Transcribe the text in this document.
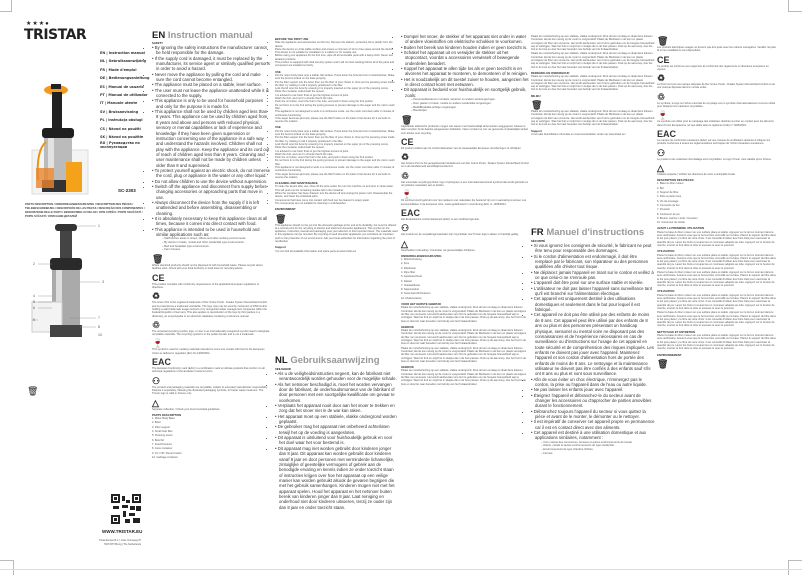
★★★●
TRISTAR
EN | Instruction manual
NL | Gebruiksaanwijzing
FR | Mode d'emploi
DE | Bedienungsanleitung
ES | Manual de usuario
PT | Manual de utilizador
IT | Manuale utente
SV | Bruksanvisning
PL | Instrukcja obsługi
CS | Návod na použití
SK | Návod na použitie
RU | Руководство по эксплуатации
SC-2303
PARTS DESCRIPTION / ONDERDELENBESCHRIJVING / DESCRIPTION DES PIÈCES / TEILEBESCHREIBUNG / DESCRIPCIÓN DE LAS PIEZAS / DESCRIÇÃO DOS COMPONENTES / DESCRIZIONE DELLE PARTI / BESKRIVNING AV DELAR / OPIS CZĘŚCI / POPIS SOUČÁSTÍ / POPIS SÚČASTÍ / ОПИСАНИЕ ДЕТАЛЕЙ
1
2
3
4
5
6
7
8
9
10
🗑
WWW.TRISTAR.EU
Tristar Europe B.V. | Jules Verneweg 87
5015 BH Tilburg | The Netherlands
EN Instruction manual
SAFETY
• • By ignoring the safety instructions the manufacturer cannot be held responsible for the damage.
• • If the supply cord is damaged, it must be replaced by the manufacturer, its service agent or similarly qualified persons in order to avoid a hazard.
• • Never move the appliance by pulling the cord and make sure the cord cannot become entangled.
• • The appliance must be placed on a stable, level surface.
• • The user must not leave the appliance unattended while it is connected to the supply.
• • This appliance is only to be used for household purposes and only for the purpose it is made for.
• • This appliance shall not be used by children aged less than 8 years. This appliance can be used by children aged from 8 years and above and persons with reduced physical, sensory or mental capabilities or lack of experience and knowledge if they have been given supervision or instruction concerning use of the appliance in a safe way and understand the hazards involved. Children shall not play with the appliance. Keep the appliance and its cord out of reach of children aged less than 8 years. Cleaning and user maintenance shall not be made by children unless older than 8 and supervised.
• • To protect yourself against an electric shock, do not immerse the cord, plug or appliance in the water or any other liquid.
• • Do not allow children to use the device without supervision.
• • Switch off the appliance and disconnect from supply before changing accessories or approaching parts that move in use.
• • Always disconnect the device from the supply if it is left unattended and before assembling, disassembling or cleaning.
• • It is absolutely necessary to keep this appliance clean at all times, because it comes into direct contact with food.
• • This appliance is intended to be used in household and similar applications such as:
– Staff kitchen areas in shops, offices and other working environments.
– By clients in hotels, motels and other residential type environments.
– Bed and breakfast type environments.
– Farm houses.
🗑

Waste electrical products should not be disposed of with household waste. Please recycle where facilities exist. Check with your local Authority or local store for recycling advice.

CE

This product complies with conformity requirements of the applicable European regulations or directives.

♻

The Green Dot is the registered trademark of Der Grüne Punkt - Duales System Deutschland GmbH and is protected as a trademark worldwide. The logo may only be used by customers of DSD GmbH holding a valid trademark usage contract or by recognized waste management companies within the Federal Republic of Germany. This also applies to reproduction of the logo by third parties in a dictionary, an encyclopedia or an electronic database containing a reference manual.

♲

The universal recycling symbol, logo, or icon is an internationally recognized symbol used to designate recyclable materials. The recycling symbol is in the public domain and is not a trademark.

🍷

This symbol is used for marking materials intended to come into contact with food in the European Union as defined in regulation (EC) No 1935/2004.

EAC

The Eurasian Conformity mark (EAC) is a certification mark to indicate products that conform to all technical regulations of the Eurasian Customs Union.

⚇

The product and packaging materials are recyclable, subject to extended manufacturer responsibility. Dispose it separately, following the illustrated packaging symbols, for better waste treatment. The Triman logo is valid in France only.

△

Separate collection / Check your local municipal guidelines.

PARTS DESCRIPTION

1. Motor Body Base

2. Bowl

3. Filter support

4. Small hole filter

5. Pressing screw

6. Bowl lid

7. Food Pressure

8. Juice container

9. On / Off / Revert button

10. Garbage container

BEFORE THE FIRST USE
• Take the appliance and accessories out the box. Remove the stickers, protective foil or plastic from the device.
• Place the device on a flat stable surface and ensure a minimum of 10 cm free space around the device. This device is not suitable for installation in a cabinet or for outside use.
• Before using your appliance for the first time, wipe off all removable parts with a damp cloth. Never use abrasive products.
• This product is equipped with dual security system and it will not start working before all of the parts and component are installed correctly.
USE
• Put the motor body base onto a stable, flat surface. Press down the bowl and turn it anticlockwise. Make sure the bowl is locked on the base properly.
• Put the filter support into the bowl, then put the filter of your choice in. Now put the pressing screw inside the filter, by rotating it until it properly positioned in the filter.
• Lock the lid onto the bowl by ensuring it is properly inserted on the upper pin of the pressing screw.
• Place the container underneath the spouts.
• It is advised to use fresh fruits to get the highest amount of juice.
• Wash the fruit, and cut it in chunks that fit the tube.
• Push the on button, insert the fruit in the tube, and push it down using the fruit pusher.
• Do not force in to the fruit during the juicing process to prevent damage to the auger and the micro mesh filter.
• This appliance is not designed to work in a continuous mode. Let the motor cool down after 2 minutes of continuous functioning.
• If the auger becomes jammed, please use the REV button on the back of the device for 3 seconds to reverse the rotation.
USE
• Put the motor body base onto a stable, flat surface. Press down the bowl and turn it anticlockwise. Make sure the bowl is locked on the base properly.
• Put the filter support into the bowl, then put the filter of your choice in. Now put the pressing screw inside the filter, by rotating it until it properly positioned in the filter.
• Lock the lid onto the bowl by ensuring it is properly inserted on the upper pin of the pressing screw.
• Place the container underneath the spouts.
• It is advised to use fresh fruits to get the highest amount of juice.
• Wash the fruit, and cut it in chunks that fit the tube.
• Push the on button, insert the fruit in the tube, and push it down using the fruit pusher.
• Do not force in to the fruit during the juicing process to prevent damage to the auger and the micro mesh filter.
• This appliance is not designed to work in a continuous mode. Let the motor cool down after 2 minutes of continuous functioning.
• If the auger becomes jammed, please use the REV button on the back of the device for 3 seconds to reverse the rotation.
CLEANING AND MAINTENANCE
• To clean the device after use, close off the juice outlet, the turn the machine on and pour in clean water. This will push out the remaining residue left in the container.
• When the container has been drained, turn the device off and unplug the power cord. Disassemble the device, and clean the individual parts.
• Components that have come into contact with food can be cleaned in soapy water.
• The components are not suitable for cleaning in a dishwasher.
ENVIRONMENT
🗑

This appliance should not be put into the domestic garbage at the end of its durability, but must be offered at a central point for the recycling of electric and electronic domestic appliances. This symbol on the appliance, instruction manual and packaging puts your attention to this important issue. The materials used in this appliance can be recycled. By recycling of used domestic appliances you contribute an important push to the protection of our environment. Ask your local authorities for information regarding the point of recollection.

Support

You can find all available information and spare parts at www.tristar.eu!

NL Gebruiksaanwijzing
VEILIGHEID
• • Als u de veiligheidsinstructies negeert, kan de fabrikant niet verantwoordelijk worden gehouden voor de mogelijke schade.
• • Als het netsnoer beschadigd is, moet het worden vervangen door de fabrikant, de onderhoudsmonteur van de fabrikant of door personen met een soortgelijke kwalificatie om gevaar te voorkomen.
• • Verplaats het apparaat nooit door aan het snoer te trekken en zorg dat het snoer niet in de war kan raken.
• • Het apparaat moet op een stabiele, vlakke ondergrond worden geplaatst.
• • De gebruiker mag het apparaat niet onbeheerd achterlaten terwijl het op de voeding is aangesloten.
• • Dit apparaat is uitsluitend voor huishoudelijk gebruik en voor het doel waar het voor bestemd is.
• • Dit apparaat mag niet worden gebruikt door kinderen jonger dan 8 jaar. Dit apparaat kan worden gebruikt door kinderen vanaf 8 jaar en door personen met verminderde lichamelijke, zintuiglijke of geestelijke vermogens of gebrek aan de benodigde ervaring en kennis indien ze onder toezicht staan of instructies krijgen over hoe het apparaat op een veilige manier kan worden gebruikt alsook de gevaren begrijpen die met het gebruik samenhangen. Kinderen mogen niet met het apparaat spelen. Houd het apparaat en het netsnoer buiten bereik van kinderen jonger dan 8 jaar. Laat reiniging en onderhoud niet door kinderen uitvoeren, tenzij ze ouder zijn dan 8 jaar en onder toezicht staan.
• • Dompel het snoer, de stekker of het apparaat niet onder in water of andere vloeistoffen om elektrische schokken te voorkomen.
• • Buiten het bereik van kinderen houden indien er geen toezicht is.
• • Schakel het apparaat uit en verwijder de stekker uit het stopcontact, voordat u accessoires verwisselt of bewegende onderdelen benadert.
• • Koppel het apparaat te allen tijde los als er geen toezicht is en alvorens het apparaat te monteren, te demonteren of te reinigen.
• • Het is noodzakelijk om dit toestel zuiver te houden, aangezien het in direct contact komt met eetwaren.
• • Dit apparaat is bedoeld voor huishoudelijk en soortgelijk gebruik, zoals:
– Personeelskeukens in winkels, kantoren en andere werkomgevingen.
– Door gasten in hotels, motels en andere residentiële omgevingen.
– Bed&Breakfast-achtige omgevingen.
– Boerderijen.
🗑

Afgedankte elektrische producten mogen niet samen met huishoudelijk afval worden weggegooid. Gelieve te laten recyclen bij de daartoe aangewezen faciliteiten. Neem contact op met uw gemeente of plaatselijke winkel voor advies over recycling.

CE

Dit product voldoet aan de conformiteitseisen van de toepasselijke Europese verordeningen of richtlijnen.

♻

Het Groene Punt is het geregistreerde handelsmerk van Der Grüne Punkt - Duales System Deutschland GmbH en is als handelsmerk wereldwijd beschermd.

♲

Het universele recyclingsymbool, logo of pictogram is een internationaal erkend symbool dat wordt gebruikt om recyclebare materialen aan te duiden.

🍷

Dit symbool wordt gebruikt voor het markeren van materialen die bestemd zijn om in aanraking te komen met levensmiddelen in de Europese Unie, zoals gedefinieerd in verordening (EG) nr. 1935/2004.

EAC

Het Euraziatische conformiteitsmerk (EAC) is een certificeringsmerk.

⚇

Het product en de verpakkingsmaterialen zijn recyclebaar. Het Triman-logo is alleen in Frankrijk geldig.

△

Gescheiden inzameling / Controleer uw gemeentelijke richtlijnen.

ONDERDELENBESCHRIJVING

1. Motorbehuizing

2. Kom

3. Filterbasis

4. Fijne filter

5. Aandrukschroef

6. Deksel

7. Voedselduwer

8. Sapcontainer

9. Toets Aan/Uit/Omkeren

10. Afvalcontainer

VOOR HET EERSTE GEBRUIK

Plaats de motorbehuizing op een stabiele, vlakke ondergrond. Druk de kom omlaag en draai deze linksom. Controleer dat de kom stevig op de motor is vergrendeld. Plaats de filterbasis in de kom en plaats vervolgens de filter van uw keuze. Het wordt aanbevolen vers fruit te gebruiken om de hoogste hoeveelheid sap te verkrijgen. Was het fruit en snijd het in stukjes die in de buis passen. Druk op de aan-knop, doe het fruit in de buis en duw het naar beneden met behulp van het fruitaandrukker.

GEBRUIK

Plaats de motorbehuizing op een stabiele, vlakke ondergrond. Druk de kom omlaag en draai deze linksom. Controleer dat de kom stevig op de motor is vergrendeld. Plaats de filterbasis in de kom en plaats vervolgens de filter van uw keuze. Het wordt aanbevolen vers fruit te gebruiken om de hoogste hoeveelheid sap te verkrijgen. Was het fruit en snijd het in stukjes die in de buis passen. Druk op de aan-knop, doe het fruit in de buis en duw het naar beneden met behulp van het fruitaandrukker.

Plaats de motorbehuizing op een stabiele, vlakke ondergrond. Druk de kom omlaag en draai deze linksom. Controleer dat de kom stevig op de motor is vergrendeld. Plaats de filterbasis in de kom en plaats vervolgens de filter van uw keuze. Het wordt aanbevolen vers fruit te gebruiken om de hoogste hoeveelheid sap te verkrijgen. Was het fruit en snijd het in stukjes die in de buis passen. Druk op de aan-knop, doe het fruit in de buis en duw het naar beneden met behulp van het fruitaandrukker.

GEBRUIK

Plaats de motorbehuizing op een stabiele, vlakke ondergrond. Druk de kom omlaag en draai deze linksom. Controleer dat de kom stevig op de motor is vergrendeld. Plaats de filterbasis in de kom en plaats vervolgens de filter van uw keuze. Het wordt aanbevolen vers fruit te gebruiken om de hoogste hoeveelheid sap te verkrijgen. Was het fruit en snijd het in stukjes die in de buis passen. Druk op de aan-knop, doe het fruit in de buis en duw het naar beneden met behulp van het fruitaandrukker.

Plaats de motorbehuizing op een stabiele, vlakke ondergrond. Druk de kom omlaag en draai deze linksom. Controleer dat de kom stevig op de motor is vergrendeld. Plaats de filterbasis in de kom en plaats vervolgens de filter van uw keuze. Het wordt aanbevolen vers fruit te gebruiken om de hoogste hoeveelheid sap te verkrijgen. Was het fruit en snijd het in stukjes die in de buis passen. Druk op de aan-knop, doe het fruit in de buis en duw het naar beneden met behulp van het fruitaandrukker.

Plaats de motorbehuizing op een stabiele, vlakke ondergrond. Druk de kom omlaag en draai deze linksom. Controleer dat de kom stevig op de motor is vergrendeld. Plaats de filterbasis in de kom en plaats vervolgens de filter van uw keuze. Het wordt aanbevolen vers fruit te gebruiken om de hoogste hoeveelheid sap te verkrijgen. Was het fruit en snijd het in stukjes die in de buis passen. Druk op de aan-knop, doe het fruit in de buis en duw het naar beneden met behulp van het fruitaandrukker.

REINIGING EN ONDERHOUD

Plaats de motorbehuizing op een stabiele, vlakke ondergrond. Druk de kom omlaag en draai deze linksom. Controleer dat de kom stevig op de motor is vergrendeld. Plaats de filterbasis in de kom en plaats vervolgens de filter van uw keuze. Het wordt aanbevolen vers fruit te gebruiken om de hoogste hoeveelheid sap te verkrijgen. Was het fruit en snijd het in stukjes die in de buis passen. Druk op de aan-knop, doe het fruit in de buis en duw het naar beneden met behulp van het fruitaandrukker.

MILIEU
🗑

Plaats de motorbehuizing op een stabiele, vlakke ondergrond. Druk de kom omlaag en draai deze linksom. Controleer dat de kom stevig op de motor is vergrendeld. Plaats de filterbasis in de kom en plaats vervolgens de filter van uw keuze. Het wordt aanbevolen vers fruit te gebruiken om de hoogste hoeveelheid sap te verkrijgen. Was het fruit en snijd het in stukjes die in de buis passen. Druk op de aan-knop, doe het fruit in de buis en duw het naar beneden met behulp van het fruitaandrukker.

Support

U kunt alle beschikbare informatie en reserveonderdelen vinden op www.tristar.eu!

FR Manuel d'instructions
SÉCURITÉ
• • Si vous ignorez les consignes de sécurité, le fabricant ne peut être tenu pour responsable des dommages.
• • Si le cordon d'alimentation est endommagé, il doit être remplacé par le fabricant, son réparateur ou des personnes qualifiées afin d'éviter tout risque.
• • Ne déplacez jamais l'appareil en tirant sur le cordon et veillez à ce que celui-ci ne s'enroule pas.
• • L'appareil doit être posé sur une surface stable et nivelée.
• • L'utilisateur ne doit pas laisser l'appareil sans surveillance tant qu'il est branché sur l'alimentation électrique.
• • Cet appareil est uniquement destiné à des utilisations domestiques et seulement dans le but pour lequel il est fabriqué.
• • Cet appareil ne doit pas être utilisé par des enfants de moins de 8 ans. Cet appareil peut être utilisé par des enfants de 8 ans ou plus et des personnes présentant un handicap physique, sensoriel ou mental voire ne disposant pas des connaissances et de l'expérience nécessaires en cas de surveillance ou d'instructions sur l'usage de cet appareil en toute sécurité et de compréhension des risques impliqués. Les enfants ne doivent pas jouer avec l'appareil. Maintenez l'appareil et son cordon d'alimentation hors de portée des enfants de moins de 8 ans. Le nettoyage et la maintenance utilisateur ne doivent pas être confiés à des enfants sauf s'ils ont 8 ans ou plus et sont sous surveillance.
• • Afin de vous éviter un choc électrique, n'immergez pas le cordon, la prise ou l'appareil dans de l'eau ou autre liquide.
• • Ne pas laisser les enfants jouer avec l'appareil.
• • Éteignez l'appareil et débranchez-le du secteur avant de changer les accessoires ou d'approcher de parties amovibles durant le fonctionnement.
• • Débranchez toujours l'appareil du secteur si vous quittez la pièce et avant de le monter, le démonter ou le nettoyer.
• • Il est impératif de conserver cet appareil propre en permanence car il est en contact direct avec des aliments.
• • Cet appareil est destiné à une utilisation domestique et aux applications similaires, notamment :
– Coin cuisine des commerces, bureaux et autres environnements de travail.
– Hôtels, motels et autres environnements de type résidentiel.
– Environnements de type chambre d'hôtes.
– Fermes.
🗑

Les produits électriques usagés ne doivent pas être jetés avec les ordures ménagères. Veuillez recycler là où les installations sont disponibles.

CE

Ce produit est conforme aux exigences de conformité des règlements ou directives européens en vigueur.

♻

Le Point vert est une marque déposée de Der Grüne Punkt - Duales System Deutschland GmbH et est une marque déposée dans le monde entier.

♲

Le symbole, le logo ou l'icône universel de recyclage est un symbole internationalement reconnu utilisé pour désigner les matériaux recyclables.

🍷

Ce symbole est utilisé pour le marquage des matériaux destinés à entrer en contact avec les aliments dans l'Union Européenne, tel que défini dans le règlement (CE) n° 1935/2004.

EAC

La marque de conformité eurasienne (EAC) est une marque de certification destinée à indiquer les produits conformes à toutes les réglementations techniques de l'Union douanière eurasienne.

⚇

Le produit et les matériaux d'emballage sont recyclables. Le logo Triman n'est valable qu'en France.

△

Collecte séparée / Vérifiez les directives de votre municipalité locale.

DESCRIPTION DES PIÈCES

1. Base du bloc moteur

2. Bol

3. Support de filtre

4. Filtre à petits trous

5. Vis de pressage

6. Couvercle du bol

7. Poussoir

8. Conteneur de jus

9. Bouton marche / arrêt / inversion

10. Conteneur de résidu

AVANT LA PREMIÈRE UTILISATION

Placez la base du bloc moteur sur une surface plane et stable. Appuyez sur le bol en tournant dans le sens antihoraire. Assurez-vous que le bol est bien verrouillé sur la base. Placez le support de filtre dans le bol puis placez y le filtre de votre choix. Il est conseillé d'utiliser des fruits frais pour maximiser la quantité de jus. Lavez les fruits et coupez-les en morceaux adaptés au tube. Appuyez sur le bouton de marche, insérez le fruit dans le tube et poussez-le avec le poussoir.

UTILISATION

Placez la base du bloc moteur sur une surface plane et stable. Appuyez sur le bol en tournant dans le sens antihoraire. Assurez-vous que le bol est bien verrouillé sur la base. Placez le support de filtre dans le bol puis placez y le filtre de votre choix. Il est conseillé d'utiliser des fruits frais pour maximiser la quantité de jus. Lavez les fruits et coupez-les en morceaux adaptés au tube. Appuyez sur le bouton de marche, insérez le fruit dans le tube et poussez-le avec le poussoir.

Placez la base du bloc moteur sur une surface plane et stable. Appuyez sur le bol en tournant dans le sens antihoraire. Assurez-vous que le bol est bien verrouillé sur la base. Placez le support de filtre dans le bol puis placez y le filtre de votre choix. Il est conseillé d'utiliser des fruits frais pour maximiser la quantité de jus. Lavez les fruits et coupez-les en morceaux adaptés au tube. Appuyez sur le bouton de marche, insérez le fruit dans le tube et poussez-le avec le poussoir.

UTILISATION

Placez la base du bloc moteur sur une surface plane et stable. Appuyez sur le bol en tournant dans le sens antihoraire. Assurez-vous que le bol est bien verrouillé sur la base. Placez le support de filtre dans le bol puis placez y le filtre de votre choix. Il est conseillé d'utiliser des fruits frais pour maximiser la quantité de jus. Lavez les fruits et coupez-les en morceaux adaptés au tube. Appuyez sur le bouton de marche, insérez le fruit dans le tube et poussez-le avec le poussoir.

Placez la base du bloc moteur sur une surface plane et stable. Appuyez sur le bol en tournant dans le sens antihoraire. Assurez-vous que le bol est bien verrouillé sur la base. Placez le support de filtre dans le bol puis placez y le filtre de votre choix. Il est conseillé d'utiliser des fruits frais pour maximiser la quantité de jus. Lavez les fruits et coupez-les en morceaux adaptés au tube. Appuyez sur le bouton de marche, insérez le fruit dans le tube et poussez-le avec le poussoir.

NETTOYAGE ET ENTRETIEN

Placez la base du bloc moteur sur une surface plane et stable. Appuyez sur le bol en tournant dans le sens antihoraire. Assurez-vous que le bol est bien verrouillé sur la base. Placez le support de filtre dans le bol puis placez y le filtre de votre choix. Il est conseillé d'utiliser des fruits frais pour maximiser la quantité de jus. Lavez les fruits et coupez-les en morceaux adaptés au tube. Appuyez sur le bouton de marche, insérez le fruit dans le tube et poussez-le avec le poussoir.

ENVIRONNEMENT
🗑
